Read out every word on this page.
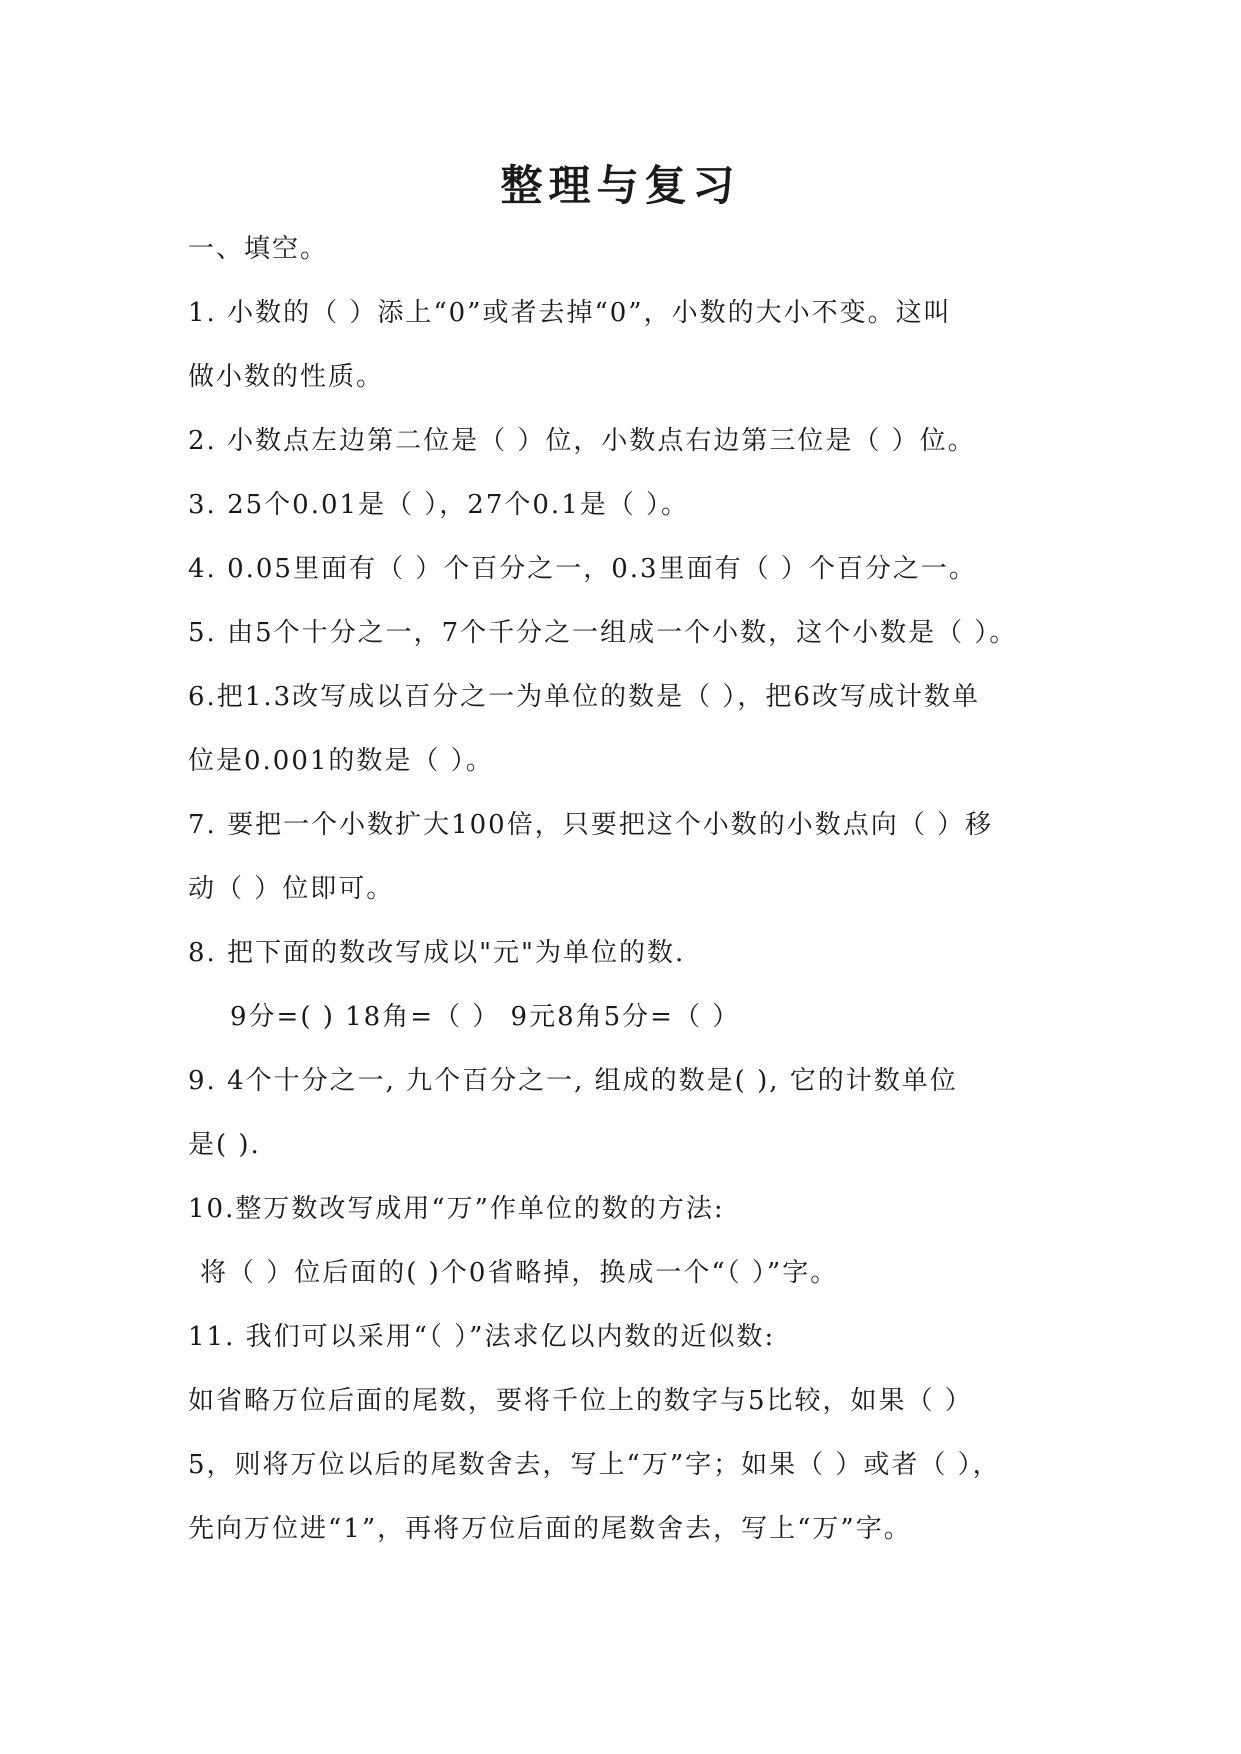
整理与复习

一、填空。

1. 小数的（ ）添上“0”或者去掉“0”，小数的大小不变。这叫

做小数的性质。

2. 小数点左边第二位是（ ）位，小数点右边第三位是（ ）位。

3. 25个0.01是（ ），27个0.1是（ ）。

4. 0.05里面有（ ）个百分之一，0.3里面有（ ）个百分之一。

5. 由5个十分之一，7个千分之一组成一个小数，这个小数是（ ）。

6.把1.3改写成以百分之一为单位的数是（ ），把6改写成计数单

位是0.001的数是（ ）。

7. 要把一个小数扩大100倍，只要把这个小数的小数点向（ ）移

动（ ）位即可。

8. 把下面的数改写成以"元"为单位的数.

9分=( ) 18角=（ ） 9元8角5分=（ ）

9. 4个十分之一, 九个百分之一, 组成的数是( ), 它的计数单位

是( ).

10.整万数改写成用“万”作单位的数的方法:

将（ ）位后面的( )个0省略掉，换成一个“（ ）”字。

11. 我们可以采用“（ ）”法求亿以内数的近似数:

如省略万位后面的尾数，要将千位上的数字与5比较，如果（ ）

5，则将万位以后的尾数舍去，写上“万”字；如果（ ）或者（ ），

先向万位进“1”，再将万位后面的尾数舍去，写上“万”字。
